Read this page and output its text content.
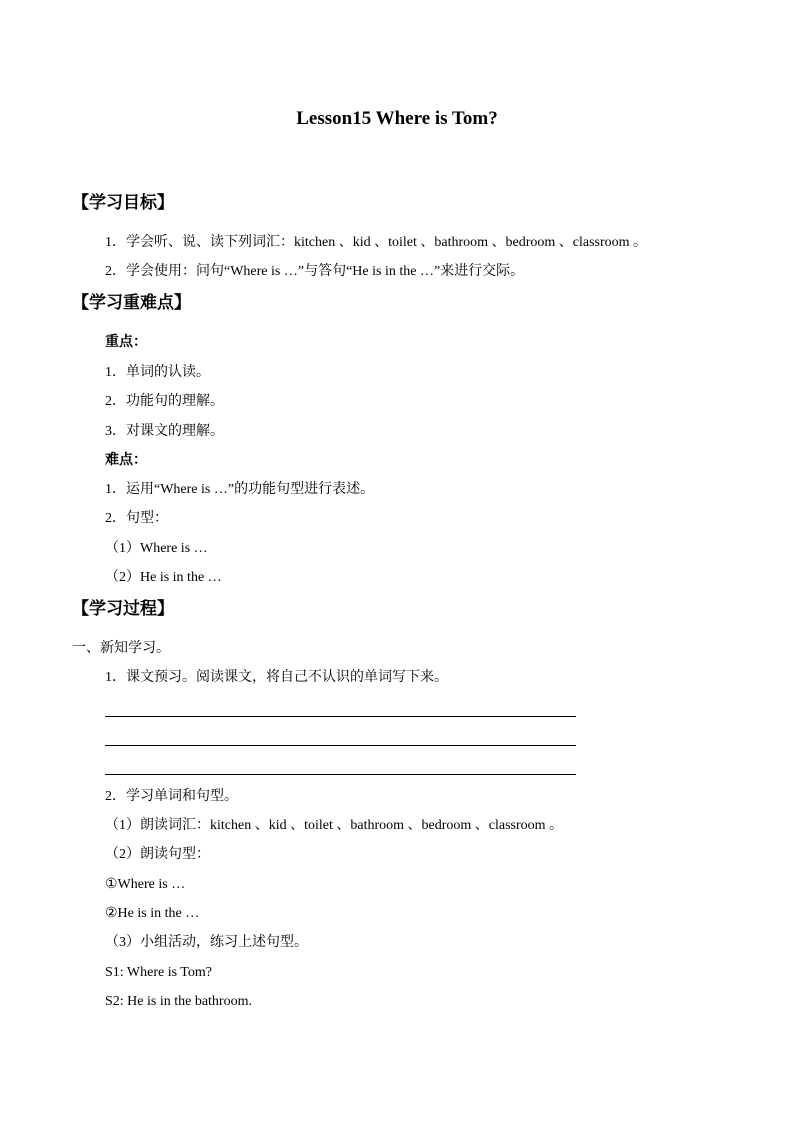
Lesson15 Where is Tom?
【学习目标】
1．学会听、说、读下列词汇：kitchen 、kid 、toilet 、bathroom 、bedroom 、classroom 。
2．学会使用：问句“Where is …”与答句“He is in the …”来进行交际。
【学习重难点】
重点：
1．单词的认读。
2．功能句的理解。
3．对课文的理解。
难点：
1．运用“Where is …”的功能句型进行表述。
2．句型：
（1）Where is …
（2）He is in the …
【学习过程】
一、新知学习。
1．课文预习。阅读课文，将自己不认识的单词写下来。
2．学习单词和句型。
（1）朗读词汇：kitchen 、kid 、toilet 、bathroom 、bedroom 、classroom 。
（2）朗读句型：
①Where is …
②He is in the …
（3）小组活动，练习上述句型。
S1: Where is Tom?
S2: He is in the bathroom.
